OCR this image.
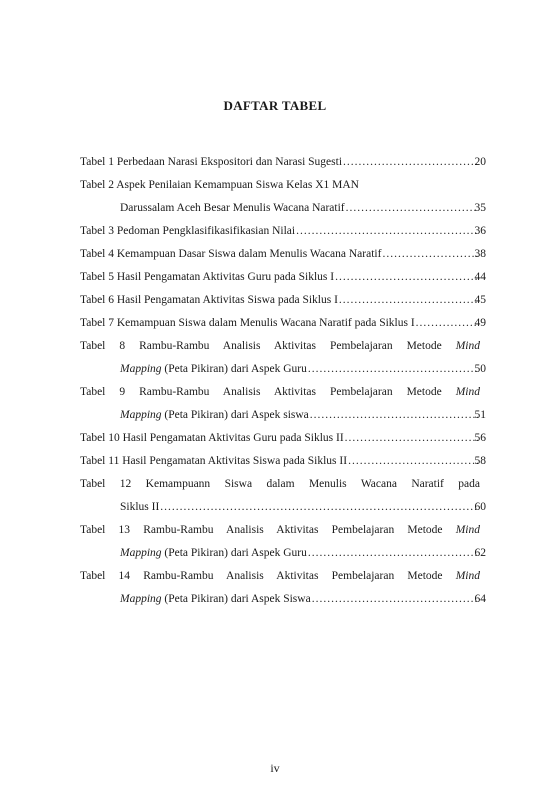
DAFTAR TABEL
Tabel 1 Perbedaan Narasi Ekspositori dan Narasi Sugesti .....	20
Tabel 2 Aspek Penilaian Kemampuan Siswa Kelas X1 MAN
Darussalam Aceh Besar Menulis Wacana Naratif .....	35
Tabel 3 Pedoman Pengklasifikasifikasian Nilai .....	36
Tabel 4 Kemampuan Dasar Siswa dalam Menulis Wacana Naratif .....	38
Tabel 5 Hasil Pengamatan Aktivitas Guru pada Siklus I .....	44
Tabel 6 Hasil Pengamatan Aktivitas Siswa pada Siklus I .....	45
Tabel 7 Kemampuan Siswa dalam Menulis Wacana Naratif pada Siklus I .....	49
Tabel 8 Rambu-Rambu Analisis Aktivitas Pembelajaran Metode Mind
Mapping (Peta Pikiran) dari Aspek Guru .....	50
Tabel 9 Rambu-Rambu Analisis Aktivitas Pembelajaran Metode Mind
Mapping (Peta Pikiran) dari Aspek siswa .....	51
Tabel 10 Hasil Pengamatan Aktivitas Guru pada Siklus II .....	56
Tabel 11 Hasil Pengamatan Aktivitas Siswa pada Siklus II .....	58
Tabel 12 Kemampuann Siswa dalam Menulis Wacana Naratif pada
Siklus II .....	60
Tabel 13 Rambu-Rambu Analisis Aktivitas Pembelajaran Metode Mind
Mapping (Peta Pikiran) dari Aspek Guru .....	62
Tabel 14 Rambu-Rambu Analisis Aktivitas Pembelajaran Metode Mind
Mapping (Peta Pikiran) dari Aspek Siswa .....	64
iv
